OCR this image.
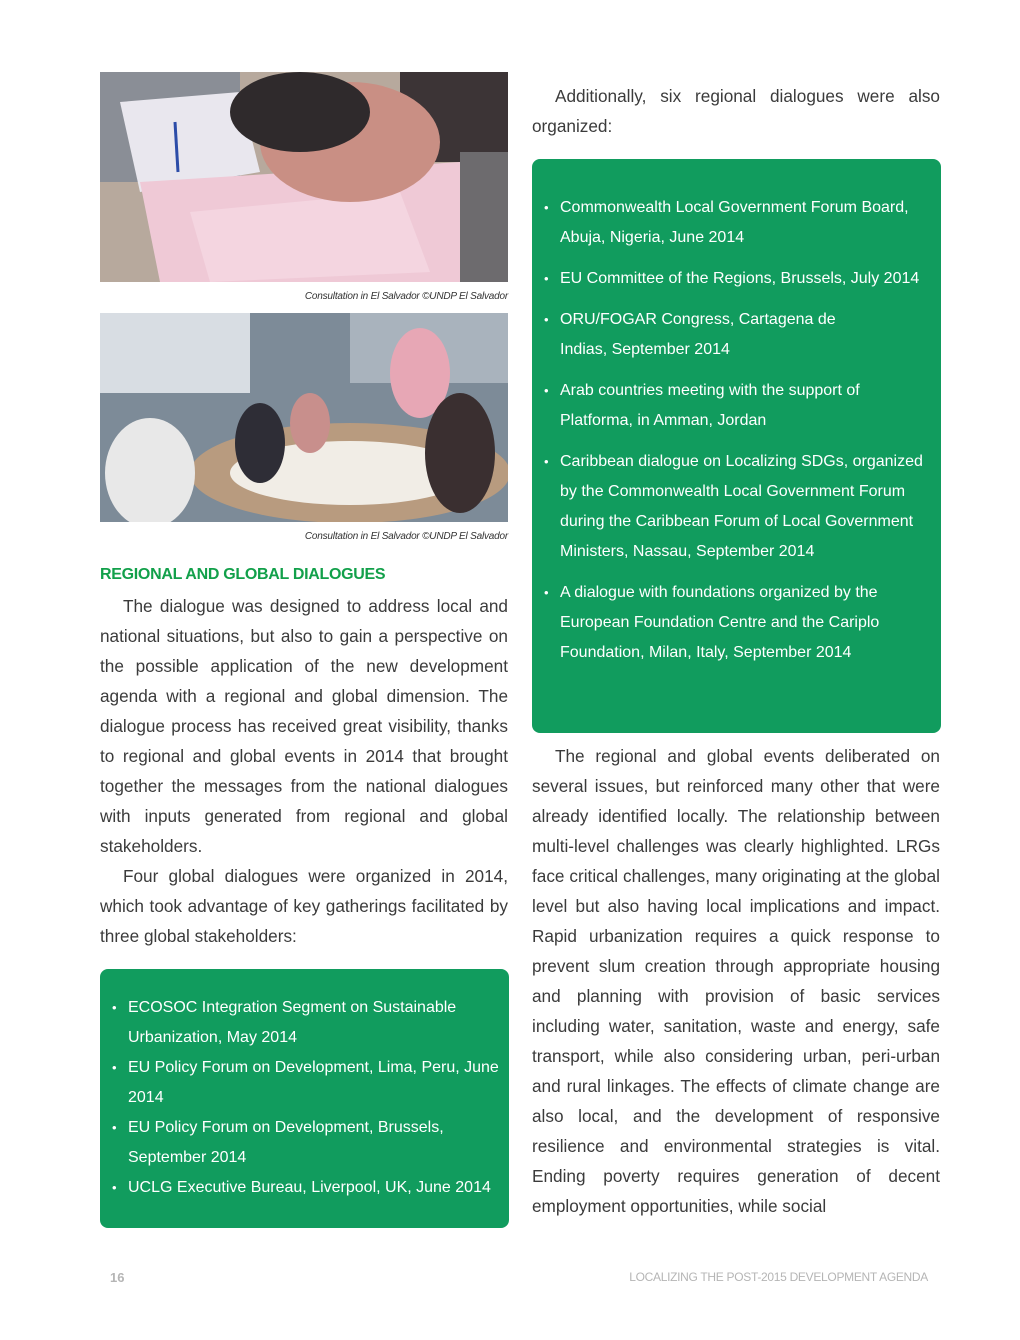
Consultation in El Salvador ©UNDP El Salvador
Consultation in El Salvador ©UNDP El Salvador
REGIONAL AND GLOBAL DIALOGUES

The dialogue was designed to address local and national situations, but also to gain a perspective on the possible application of the new development agenda with a regional and global dimension. The dialogue process has received great visibility, thanks to regional and global events in 2014 that brought together the messages from the national dialogues with inputs generated from regional and global stakeholders.

Four global dialogues were organized in 2014, which took advantage of key gatherings facilitated by three global stakeholders:

• ECOSOC Integration Segment on Sustainable Urbanization, May 2014
• EU Policy Forum on Development, Lima, Peru, June 2014
• EU Policy Forum on Development, Brussels, September 2014
• UCLG Executive Bureau, Liverpool, UK, June 2014

Additionally, six regional dialogues were also organized:

• Commonwealth Local Government Forum Board, Abuja, Nigeria, June 2014
• EU Committee of the Regions, Brussels, July 2014
• ORU/FOGAR Congress, Cartagena de Indias, September 2014
• Arab countries meeting with the support of Platforma, in Amman, Jordan
• Caribbean dialogue on Localizing SDGs, organized by the Commonwealth Local Government Forum during the Caribbean Forum of Local Government Ministers, Nassau, September 2014
• A dialogue with foundations organized by the European Foundation Centre and the Cariplo Foundation, Milan, Italy, September 2014

The regional and global events deliberated on several issues, but reinforced many other that were already identified locally. The relationship between multi-level challenges was clearly highlighted. LRGs face critical challenges, many originating at the global level but also having local implications and impact. Rapid urbanization requires a quick response to prevent slum creation through appropriate housing and planning with provision of basic services including water, sanitation, waste and energy, safe transport, while also considering urban, peri-urban and rural linkages. The effects of climate change are also local, and the development of responsive resilience and environmental strategies is vital. Ending poverty requires generation of decent employment opportunities, while social

16	LOCALIZING THE POST-2015 DEVELOPMENT AGENDA
